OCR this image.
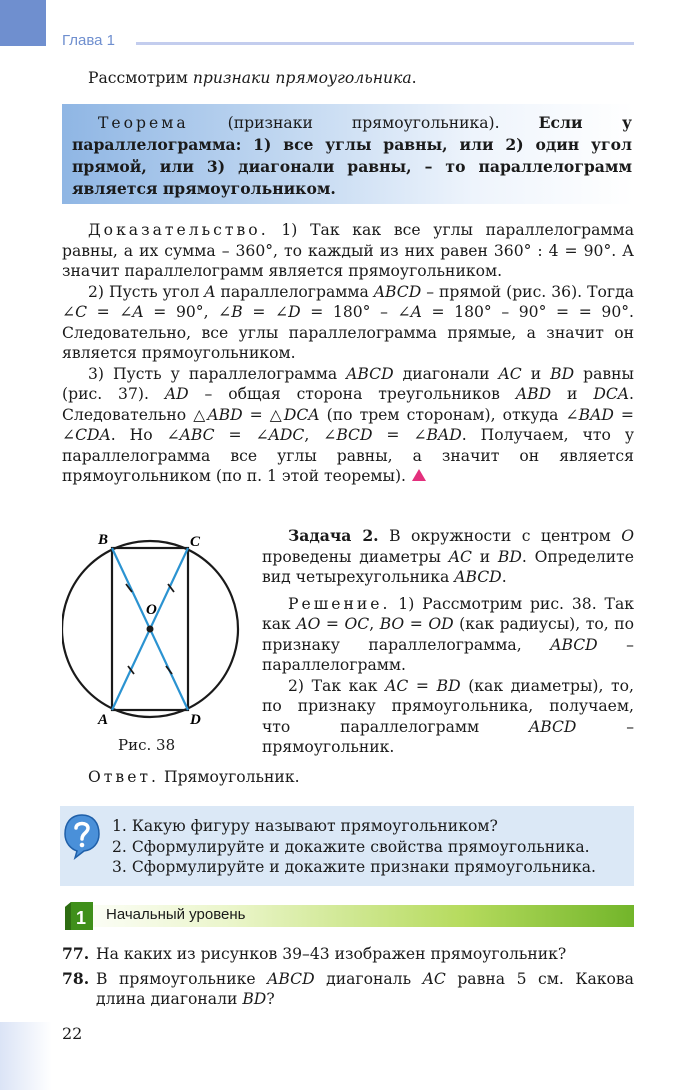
Глава 1

Рассмотрим признаки прямоугольника.

Теорема (признаки прямоугольника). Если у параллелограмма: 1) все углы равны, или 2) один угол прямой, или 3) диагонали равны, – то параллелограмм является прямоугольником.

Доказательство. 1) Так как все углы параллелограмма равны, а их сумма – 360°, то каждый из них равен 360° : 4 = 90°. А значит параллелограмм является прямоугольником.

2) Пусть угол A параллелограмма ABCD – прямой (рис. 36). Тогда ∠C = ∠A = 90°, ∠B = ∠D = 180° – ∠A = 180° – 90° = = 90°. Следовательно, все углы параллелограмма прямые, а значит он является прямоугольником.

3) Пусть у параллелограмма ABCD диагонали AC и BD равны (рис. 37). AD – общая сторона треугольников ABD и DCA. Следовательно △ABD = △DCA (по трем сторонам), откуда ∠BAD = ∠CDA. Но ∠ABC = ∠ADC, ∠BCD = ∠BAD. Получаем, что у параллелограмма все углы равны, а значит он является прямоугольником (по п. 1 этой теоремы).

O
B	C
A	D
Рис. 38

Задача 2. В окружности с центром O проведены диаметры AC и BD. Определите вид четырехугольника ABCD.

Решение. 1) Рассмотрим рис. 38. Так как AO = OC, BO = OD (как радиусы), то, по признаку параллелограмма, ABCD – параллелограмм.

2) Так как AC = BD (как диаметры), то, по признаку прямоугольника, получаем, что параллелограмм ABCD – прямоугольник.

Ответ. Прямоугольник.
1. Какую фигуру называют прямоугольником?
2. Сформулируйте и докажите свойства прямоугольника.
3. Сформулируйте и докажите признаки прямоугольника.
1 Начальный уровень
77. На каких из рисунков 39–43 изображен прямоугольник?
78. В прямоугольнике ABCD диагональ AC равна 5 см. Какова длина диагонали BD?
22
